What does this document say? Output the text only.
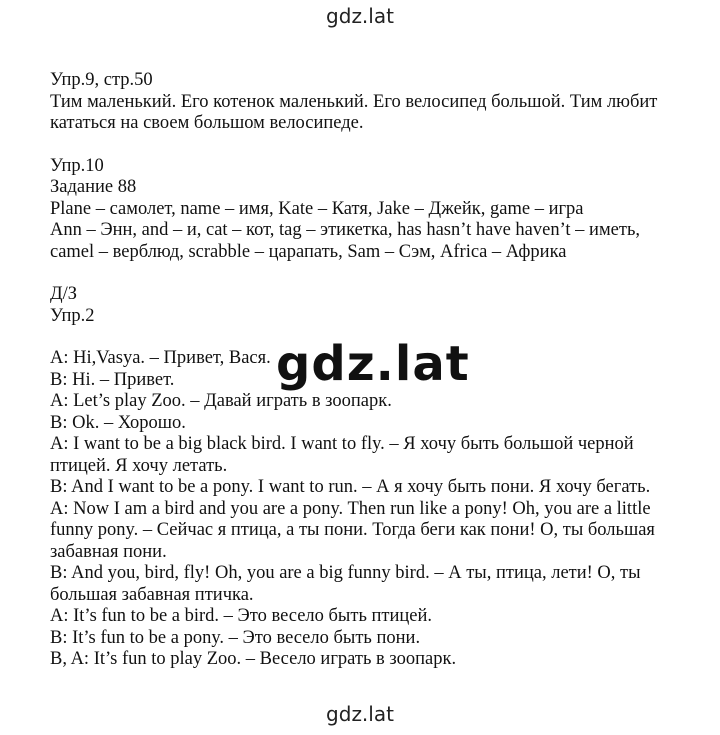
gdz.lat
Упр.9, стр.50
Тим маленький. Его котенок маленький. Его велосипед большой. Тим любит
кататься на своем большом велосипеде.
Упр.10
Задание 88
Plane – самолет, name – имя, Kate – Катя, Jake – Джейк, game – игра
Ann – Энн, and – и, cat – кот, tag – этикетка, has hasn’t have haven’t – иметь,
camel – верблюд, scrabble – царапать, Sam – Сэм, Africa – Африка
Д/З
Упр.2
A: Hi,Vasya. – Привет, Вася.
B: Hi. – Привет.
A: Let’s play Zoo. – Давай играть в зоопарк.
B: Ok. – Хорошо.
A: I want to be a big black bird. I want to fly. – Я хочу быть большой черной
птицей. Я хочу летать.
B: And I want to be a pony. I want to run. – А я хочу быть пони. Я хочу бегать.
A: Now I am a bird and you are a pony. Then run like a pony! Oh, you are a little
funny pony. – Сейчас я птица, а ты пони. Тогда беги как пони! О, ты большая
забавная пони.
B: And you, bird, fly! Oh, you are a big funny bird. – А ты, птица, лети! О, ты
большая забавная птичка.
A: It’s fun to be a bird. – Это весело быть птицей.
B: It’s fun to be a pony. – Это весело быть пони.
B, A: It’s fun to play Zoo. – Весело играть в зоопарк.
gdz.lat
gdz.lat
